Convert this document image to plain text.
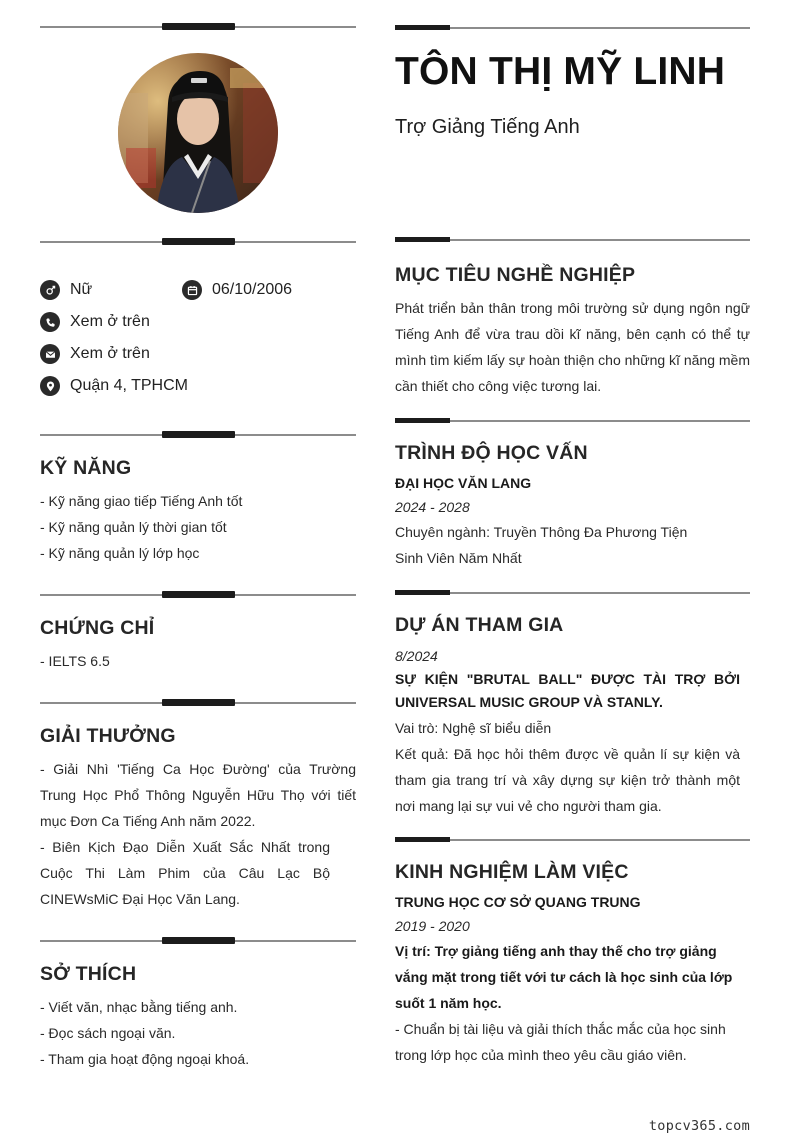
TÔN THỊ MỸ LINH
Trợ Giảng Tiếng Anh
Nữ	06/10/2006
Xem ở trên
Xem ở trên
Quận 4, TPHCM
KỸ NĂNG
- Kỹ năng giao tiếp Tiếng Anh tốt
- Kỹ năng quản lý thời gian tốt
- Kỹ năng quản lý lớp học
CHỨNG CHỈ
- IELTS 6.5
GIẢI THƯỞNG
- Giải Nhì 'Tiếng Ca Học Đường' của Trường Trung Học Phổ Thông Nguyễn Hữu Thọ với tiết mục Đơn Ca Tiếng Anh năm 2022.
- Biên Kịch Đạo Diễn Xuất Sắc Nhất trong Cuộc Thi Làm Phim của Câu Lạc Bộ CINEWsMiC Đại Học Văn Lang.
SỞ THÍCH
- Viết văn, nhạc bằng tiếng anh.
- Đọc sách ngoại văn.
- Tham gia hoạt động ngoại khoá.
MỤC TIÊU NGHỀ NGHIỆP
Phát triển bản thân trong môi trường sử dụng ngôn ngữ Tiếng Anh để vừa trau dồi kĩ năng, bên cạnh có thể tự mình tìm kiếm lấy sự hoàn thiện cho những kĩ năng mềm cần thiết cho công việc tương lai.
TRÌNH ĐỘ HỌC VẤN
ĐẠI HỌC VĂN LANG
2024 - 2028
Chuyên ngành: Truyền Thông Đa Phương Tiện
Sinh Viên Năm Nhất
DỰ ÁN THAM GIA
8/2024
SỰ KIỆN "BRUTAL BALL" ĐƯỢC TÀI TRỢ BỞI UNIVERSAL MUSIC GROUP VÀ STANLY.
Vai trò: Nghệ sĩ biểu diễn
Kết quả: Đã học hỏi thêm được về quản lí sự kiện và tham gia trang trí và xây dựng sự kiện trở thành một nơi mang lại sự vui vẻ cho người tham gia.
KINH NGHIỆM LÀM VIỆC
TRUNG HỌC CƠ SỞ QUANG TRUNG
2019 - 2020
Vị trí: Trợ giảng tiếng anh thay thế cho trợ giảng vắng mặt trong tiết với tư cách là học sinh của lớp suốt 1 năm học.
- Chuẩn bị tài liệu và giải thích thắc mắc của học sinh trong lớp học của mình theo yêu cầu giáo viên.
topcv365.com
